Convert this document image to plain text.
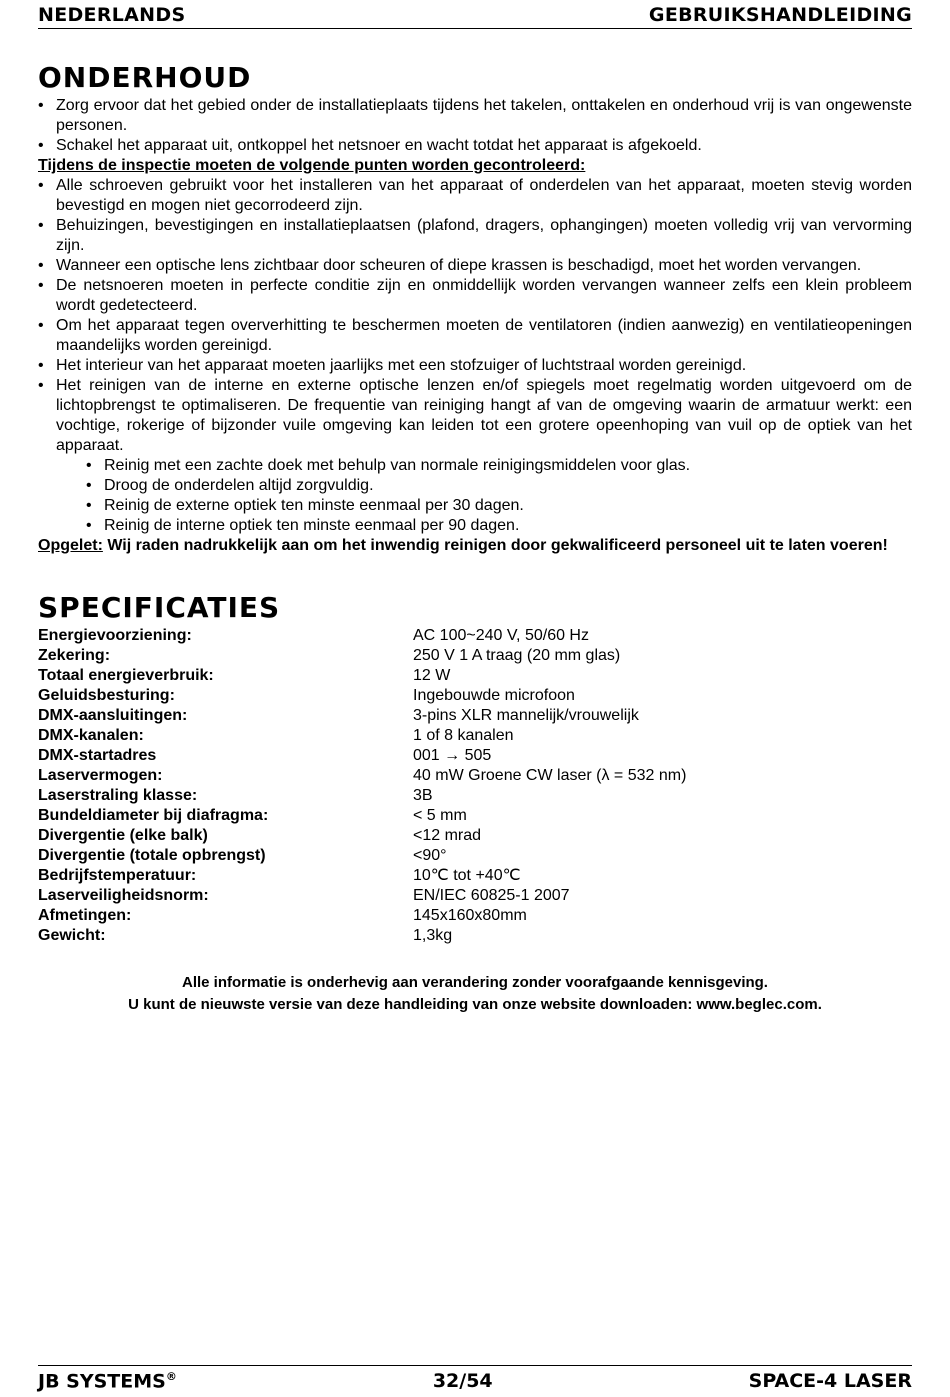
NEDERLANDS	GEBRUIKSHANDLEIDING
ONDERHOUD
• Zorg ervoor dat het gebied onder de installatieplaats tijdens het takelen, onttakelen en onderhoud vrij is van ongewenste personen.
• Schakel het apparaat uit, ontkoppel het netsnoer en wacht totdat het apparaat is afgekoeld.
Tijdens de inspectie moeten de volgende punten worden gecontroleerd:
• Alle schroeven gebruikt voor het installeren van het apparaat of onderdelen van het apparaat, moeten stevig worden bevestigd en mogen niet gecorrodeerd zijn.
• Behuizingen, bevestigingen en installatieplaatsen (plafond, dragers, ophangingen) moeten volledig vrij van vervorming zijn.
• Wanneer een optische lens zichtbaar door scheuren of diepe krassen is beschadigd, moet het worden vervangen.
• De netsnoeren moeten in perfecte conditie zijn en onmiddellijk worden vervangen wanneer zelfs een klein probleem wordt gedetecteerd.
• Om het apparaat tegen oververhitting te beschermen moeten de ventilatoren (indien aanwezig) en ventilatieopeningen maandelijks worden gereinigd.
• Het interieur van het apparaat moeten jaarlijks met een stofzuiger of luchtstraal worden gereinigd.
• Het reinigen van de interne en externe optische lenzen en/of spiegels moet regelmatig worden uitgevoerd om de lichtopbrengst te optimaliseren. De frequentie van reiniging hangt af van de omgeving waarin de armatuur werkt: een vochtige, rokerige of bijzonder vuile omgeving kan leiden tot een grotere opeenhoping van vuil op de optiek van het apparaat.
• Reinig met een zachte doek met behulp van normale reinigingsmiddelen voor glas.
• Droog de onderdelen altijd zorgvuldig.
• Reinig de externe optiek ten minste eenmaal per 30 dagen.
• Reinig de interne optiek ten minste eenmaal per 90 dagen.
Opgelet: Wij raden nadrukkelijk aan om het inwendig reinigen door gekwalificeerd personeel uit te laten voeren!
SPECIFICATIES
Energievoorziening:	AC 100~240 V, 50/60 Hz
Zekering:	250 V 1 A traag (20 mm glas)
Totaal energieverbruik:	12 W
Geluidsbesturing:	Ingebouwde microfoon
DMX-aansluitingen:	3-pins XLR mannelijk/vrouwelijk
DMX-kanalen:	1 of 8 kanalen
DMX-startadres	001 → 505
Laservermogen:	40 mW Groene CW laser (λ = 532 nm)
Laserstraling klasse:	3B
Bundeldiameter bij diafragma:	< 5 mm
Divergentie (elke balk)	<12 mrad
Divergentie (totale opbrengst)	<90°
Bedrijfstemperatuur:	10℃ tot +40℃
Laserveiligheidsnorm:	EN/IEC 60825-1 2007
Afmetingen:	145x160x80mm
Gewicht:	1,3kg
Alle informatie is onderhevig aan verandering zonder voorafgaande kennisgeving.
U kunt de nieuwste versie van deze handleiding van onze website downloaden: www.beglec.com.
JB SYSTEMS®	32/54	SPACE-4 LASER
